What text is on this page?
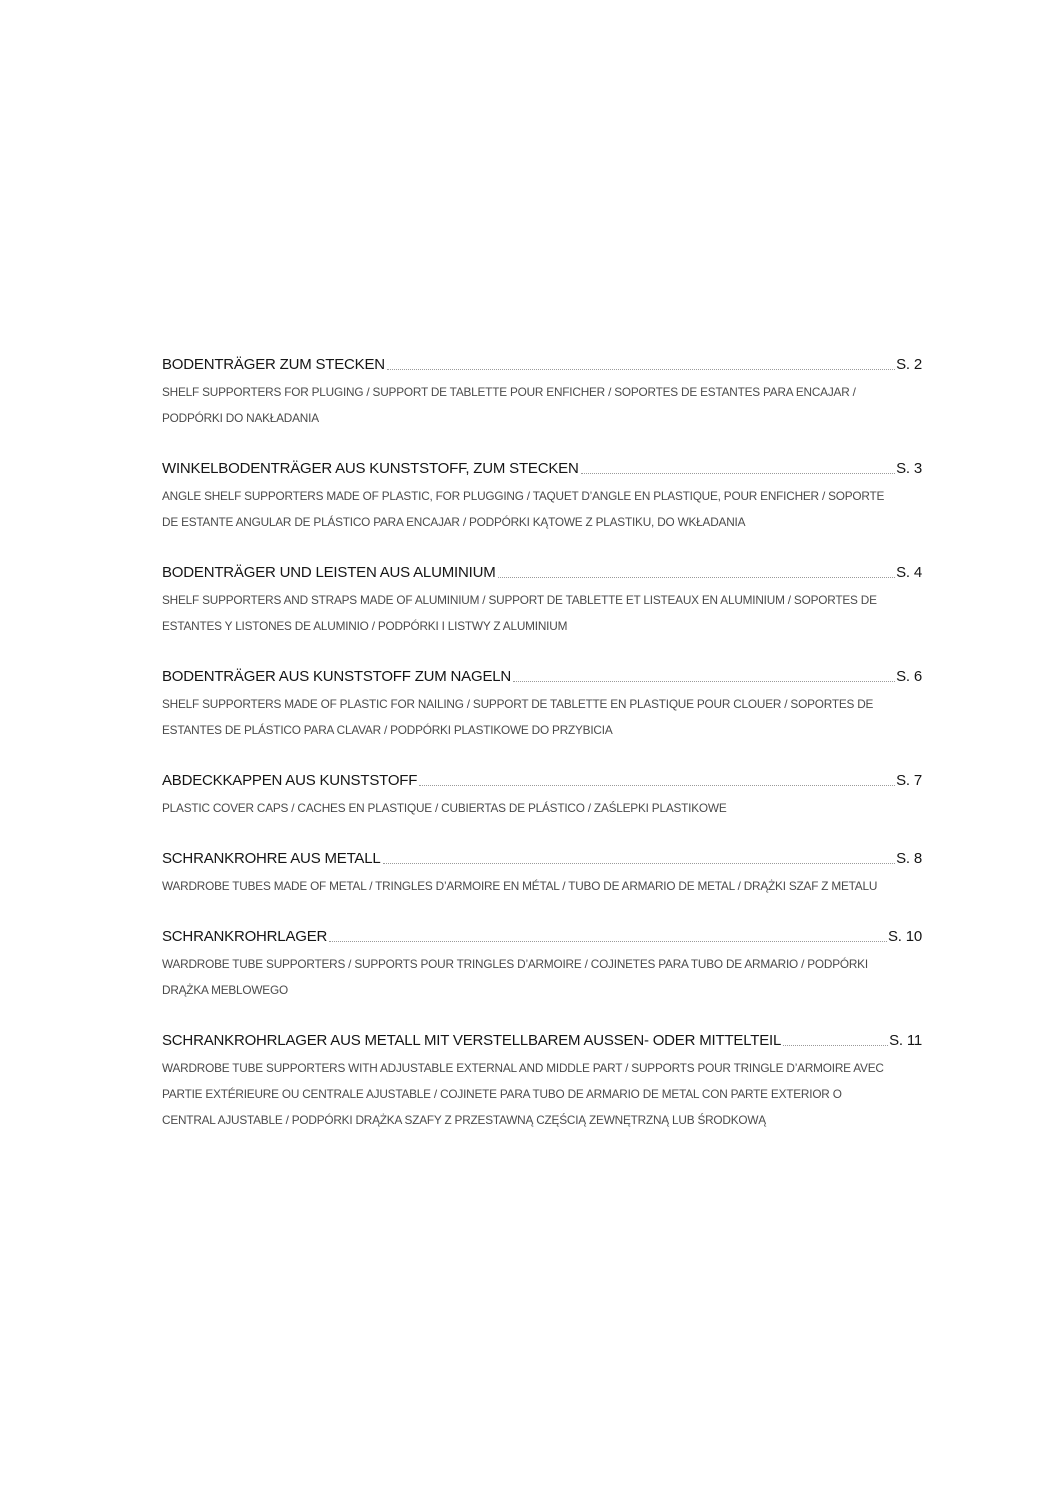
BODENTRÄGER ZUM STECKEN	S. 2
SHELF SUPPORTERS FOR PLUGING / SUPPORT DE TABLETTE POUR ENFICHER / SOPORTES DE ESTANTES PARA ENCAJAR / PODPÓRKI DO NAKŁADANIA
WINKELBODENTRÄGER AUS KUNSTSTOFF, ZUM STECKEN	S. 3
ANGLE SHELF SUPPORTERS MADE OF PLASTIC, FOR PLUGGING / TAQUET D’ANGLE EN PLASTIQUE, POUR ENFICHER / SOPORTE DE ESTANTE ANGULAR DE PLÁSTICO PARA ENCAJAR / PODPÓRKI KĄTOWE Z PLASTIKU, DO WKŁADANIA
BODENTRÄGER UND LEISTEN AUS ALUMINIUM	S. 4
SHELF SUPPORTERS AND STRAPS MADE OF ALUMINIUM / SUPPORT DE TABLETTE ET LISTEAUX EN ALUMINIUM / SOPORTES DE ESTANTES Y LISTONES DE ALUMINIO / PODPÓRKI I LISTWY Z ALUMINIUM
BODENTRÄGER AUS KUNSTSTOFF ZUM NAGELN	S. 6
SHELF SUPPORTERS MADE OF PLASTIC FOR NAILING / SUPPORT DE TABLETTE EN PLASTIQUE POUR CLOUER / SOPORTES DE ESTANTES DE PLÁSTICO PARA CLAVAR / PODPÓRKI PLASTIKOWE DO PRZYBICIA
ABDECKKAPPEN AUS KUNSTSTOFF	S. 7
PLASTIC COVER CAPS / CACHES EN PLASTIQUE / CUBIERTAS DE PLÁSTICO / ZAŚLEPKI PLASTIKOWE
SCHRANKROHRE AUS METALL	S. 8
WARDROBE TUBES MADE OF METAL / TRINGLES D’ARMOIRE EN MÉTAL / TUBO DE ARMARIO DE METAL / DRĄŻKI SZAF Z METALU
SCHRANKROHRLAGER	S. 10
WARDROBE TUBE SUPPORTERS / SUPPORTS POUR TRINGLES D’ARMOIRE / COJINETES PARA TUBO DE ARMARIO / PODPÓRKI DRĄŻKA MEBLOWEGO
SCHRANKROHRLAGER AUS METALL MIT VERSTELLBAREM AUSSEN- ODER MITTELTEIL	S. 11
WARDROBE TUBE SUPPORTERS WITH ADJUSTABLE EXTERNAL AND MIDDLE PART / SUPPORTS POUR TRINGLE D’ARMOIRE AVEC PARTIE EXTÉRIEURE OU CENTRALE AJUSTABLE / COJINETE PARA TUBO DE ARMARIO DE METAL CON PARTE EXTERIOR O CENTRAL AJUSTABLE / PODPÓRKI DRĄŻKA SZAFY Z PRZESTAWNĄ CZĘŚCIĄ ZEWNĘTRZNĄ LUB ŚRODKOWĄ
